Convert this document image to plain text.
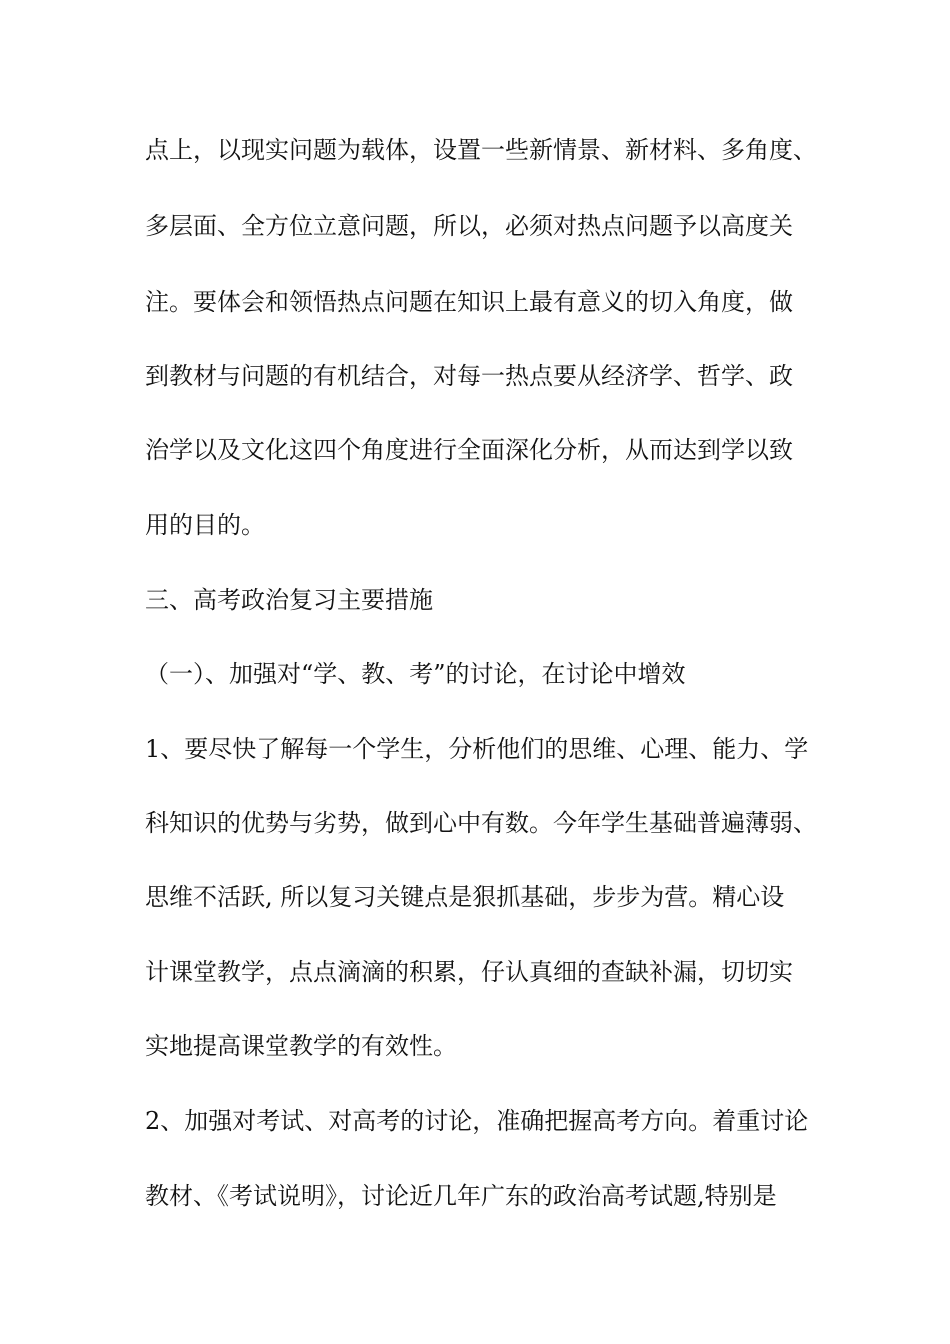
点上，以现实问题为载体，设置一些新情景、新材料、多角度、
多层面、全方位立意问题，所以，必须对热点问题予以高度关
注。要体会和领悟热点问题在知识上最有意义的切入角度，做
到教材与问题的有机结合，对每一热点要从经济学、哲学、政
治学以及文化这四个角度进行全面深化分析，从而达到学以致
用的目的。
三、高考政治复习主要措施
（一）、加强对“学、教、考”的讨论，在讨论中增效
1、要尽快了解每一个学生，分析他们的思维、心理、能力、学
科知识的优势与劣势，做到心中有数。今年学生基础普遍薄弱、
思维不活跃, 所以复习关键点是狠抓基础，步步为营。精心设
计课堂教学，点点滴滴的积累，仔认真细的查缺补漏，切切实
实地提高课堂教学的有效性。
2、加强对考试、对高考的讨论，准确把握高考方向。着重讨论
教材、《考试说明》，讨论近几年广东的政治高考试题,特别是
